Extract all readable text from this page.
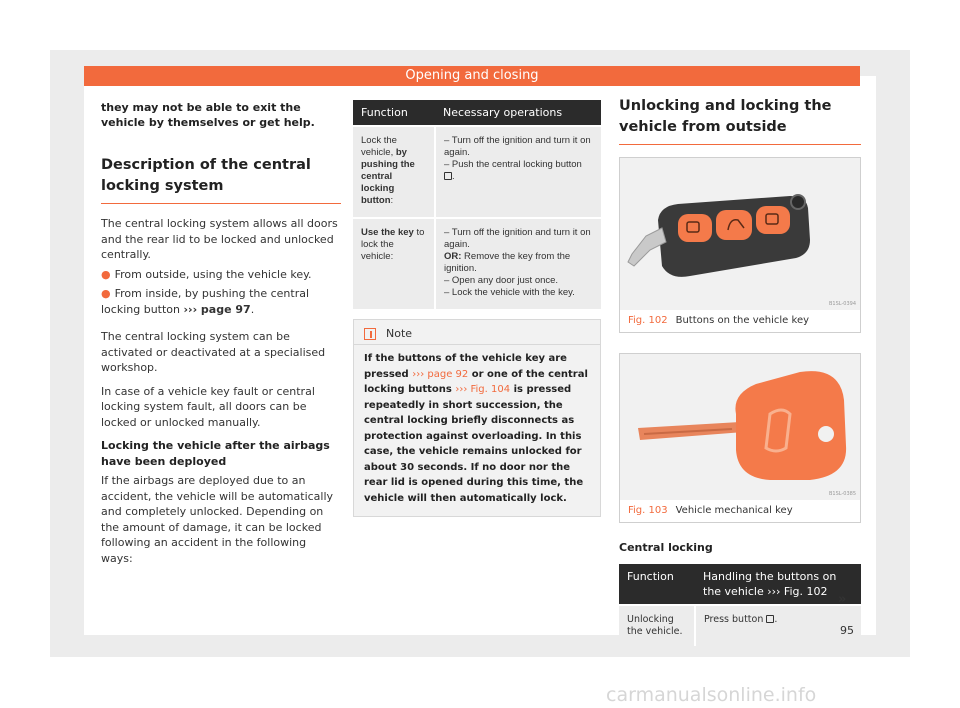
Opening and closing
they may not be able to exit the vehicle by themselves or get help.
Description of the central locking system
The central locking system allows all doors and the rear lid to be locked and unlocked centrally.
● From outside, using the vehicle key.
● From inside, by pushing the central locking button ››› page 97.
The central locking system can be activated or deactivated at a specialised workshop.
In case of a vehicle key fault or central locking system fault, all doors can be locked or unlocked manually.
Locking the vehicle after the airbags have been deployed
If the airbags are deployed due to an accident, the vehicle will be automatically and completely unlocked. Depending on the amount of damage, it can be locked following an accident in the following ways:
Function	Necessary operations
Lock the vehicle, by pushing the central locking button:	– Turn off the ignition and turn it on again.
– Push the central locking button
.
Use the key to lock the vehicle:	– Turn off the ignition and turn it on again.
OR: Remove the key from the ignition.
– Open any door just once.
– Lock the vehicle with the key.
Note
If the buttons of the vehicle key are pressed ››› page 92 or one of the central locking buttons ››› Fig. 104 is pressed repeatedly in short succession, the central locking briefly disconnects as protection against overloading. In this case, the vehicle remains unlocked for about 30 seconds. If no door nor the rear lid is opened during this time, the vehicle will then automatically lock.
Unlocking and locking the vehicle from outside
B1SL-0394
Fig. 102 Buttons on the vehicle key
B1SL-0385
Fig. 103 Vehicle mechanical key
Central locking
Function	Handling the buttons on the vehicle ››› Fig. 102
Unlocking the vehicle.	Press button .
»
95
carmanualsonline.info
